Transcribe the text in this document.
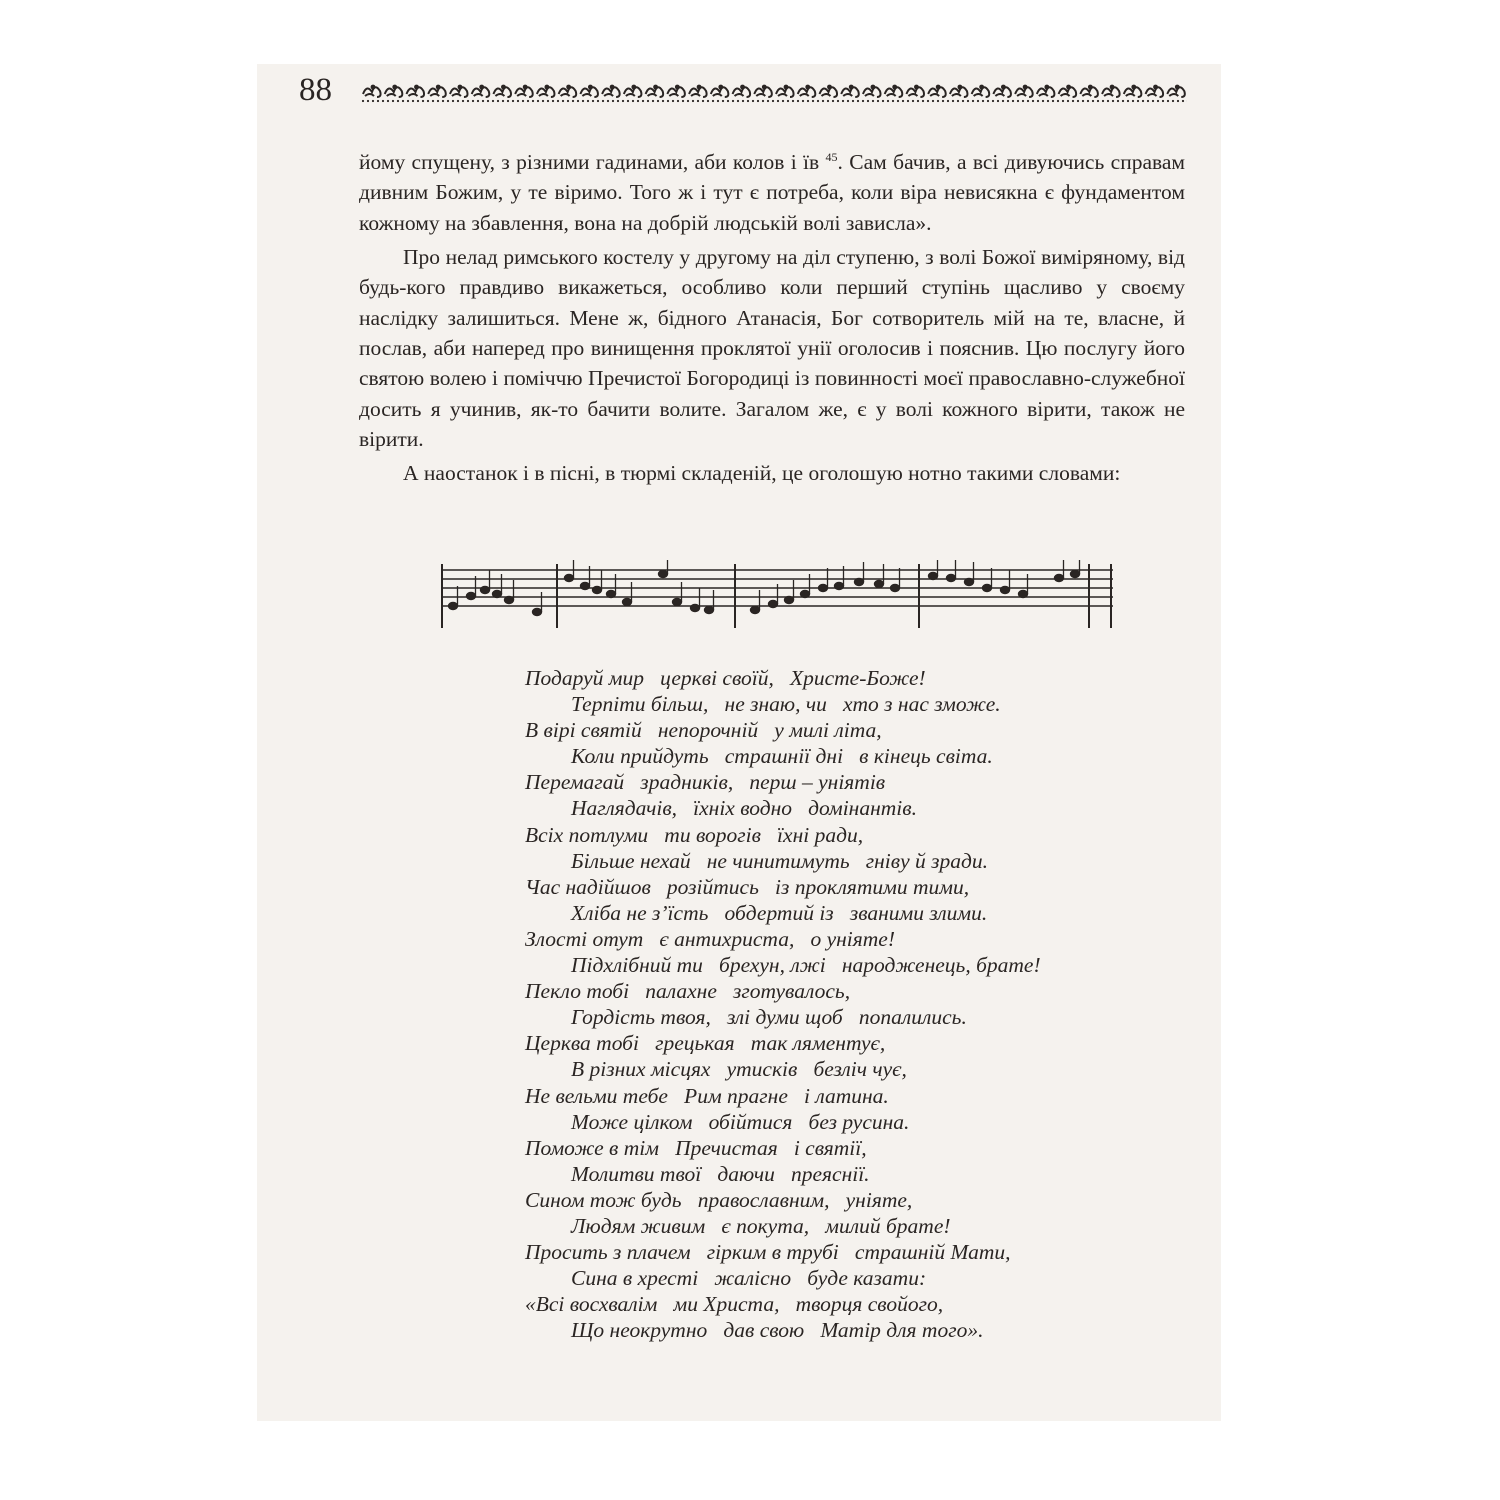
88

йому спущену, з різними гадинами, аби колов і їв $^{45}$. Сам бачив, а всі дивуючись справам дивним Божим, у те віримо. Того ж і тут є потреба, коли віра невисякна є фундаментом кожному на збавлення, вона на добрій людській волі зависла».

Про нелад римського костелу у другому на діл ступеню, з волі Божої виміряному, від будь-кого правдиво викажеться, особливо коли перший ступінь щасливо у своєму наслідку залишиться. Мене ж, бідного Атанасія, Бог сотворитель мій на те, власне, й послав, аби наперед про винищення проклятої унії оголосив і пояснив. Цю послугу його святою волею і поміччю Пречистої Богородиці із повинності моєї православно-служебної досить я учинив, як-то бачити волите. Загалом же, є у волі кожного вірити, також не вірити.

А наостанок і в пісні, в тюрмі складеній, це оголошую нотно такими словами:

Подаруй мир   церкві своїй,   Христе-Боже!
Терпіти більш,   не знаю, чи   хто з нас зможе.
В вірі святій   непорочній   у милі літа,
Коли прийдуть   страшнії дні   в кінець світа.
Перемагай   зрадників,   перш – уніятів
Наглядачів,   їхніх водно   домінантів.
Всіх потлуми   ти ворогів   їхні ради,
Більше нехай   не чинитимуть   гніву й зради.
Час надійшов   розійтись   із проклятими тими,
Хліба не з’їсть   обдертий із   званими злими.
Злості отут   є антихриста,   о уніяте!
Підхлібний ти   брехун, лжі   народженець, брате!
Пекло тобі   палахне   зготувалось,
Гордість твоя,   злі думи щоб   попалились.
Церква тобі   грецькая   так ляментує,
В різних місцях   утисків   безліч чує,
Не вельми тебе   Рим прагне   і латина.
Може цілком   обійтися   без русина.
Поможе в тім   Пречистая   і святії,
Молитви твої   даючи   преяснії.
Сином тож будь   православним,   уніяте,
Людям живим   є покута,   милий брате!
Просить з плачем   гірким в трубі   страшній Мати,
Сина в хресті   жалісно   буде казати:
«Всі восхвалім   ми Христа,   творця свойого,
Що неокрутно   дав свою   Матір для того».
